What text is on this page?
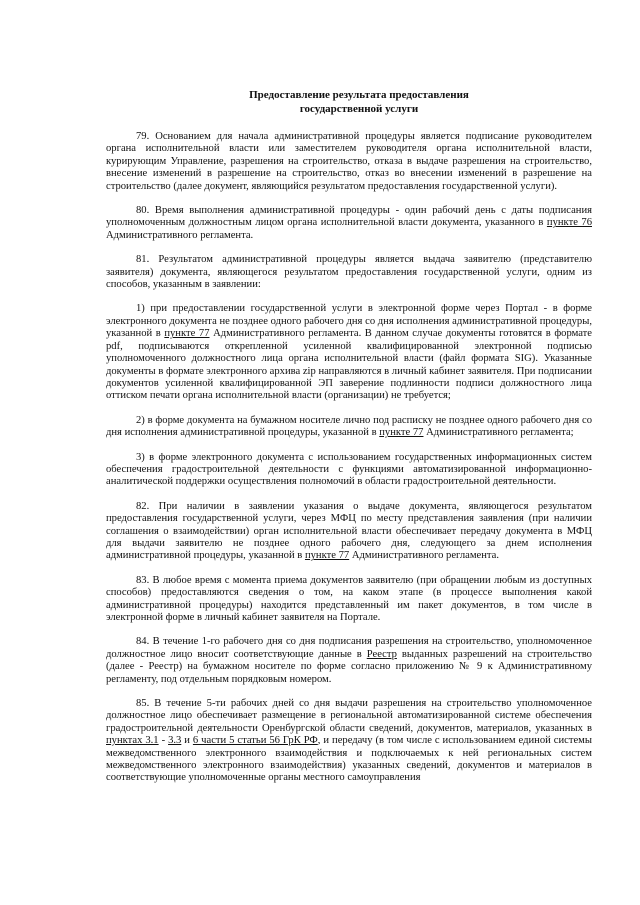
Предоставление результата предоставления
государственной услуги

79. Основанием для начала административной процедуры является подписание руководителем органа исполнительной власти или заместителем руководителя органа исполнительной власти, курирующим Управление, разрешения на строительство, отказа в выдаче разрешения на строительство, внесение изменений в разрешение на строительство, отказ во внесении изменений в разрешение на строительство (далее документ, являющийся результатом предоставления государственной услуги).

80. Время выполнения административной процедуры - один рабочий день с даты подписания уполномоченным должностным лицом органа исполнительной власти документа, указанного в пункте 76 Административного регламента.

81. Результатом административной процедуры является выдача заявителю (представителю заявителя) документа, являющегося результатом предоставления государственной услуги, одним из способов, указанным в заявлении:

1) при предоставлении государственной услуги в электронной форме через Портал - в форме электронного документа не позднее одного рабочего дня со дня исполнения административной процедуры, указанной в пункте 77 Административного регламента. В данном случае документы готовятся в формате pdf, подписываются открепленной усиленной квалифицированной электронной подписью уполномоченного должностного лица органа исполнительной власти (файл формата SIG). Указанные документы в формате электронного архива zip направляются в личный кабинет заявителя. При подписании документов усиленной квалифицированной ЭП заверение подлинности подписи должностного лица оттиском печати органа исполнительной власти (организации) не требуется;

2) в форме документа на бумажном носителе лично под расписку не позднее одного рабочего дня со дня исполнения административной процедуры, указанной в пункте 77 Административного регламента;

3) в форме электронного документа с использованием государственных информационных систем обеспечения градостроительной деятельности с функциями автоматизированной информационно-аналитической поддержки осуществления полномочий в области градостроительной деятельности.

82. При наличии в заявлении указания о выдаче документа, являющегося результатом предоставления государственной услуги, через МФЦ по месту представления заявления (при наличии соглашения о взаимодействии) орган исполнительной власти обеспечивает передачу документа в МФЦ для выдачи заявителю не позднее одного рабочего дня, следующего за днем исполнения административной процедуры, указанной в пункте 77 Административного регламента.

83. В любое время с момента приема документов заявителю (при обращении любым из доступных способов) предоставляются сведения о том, на каком этапе (в процессе выполнения какой административной процедуры) находится представленный им пакет документов, в том числе в электронной форме в личный кабинет заявителя на Портале.

84. В течение 1-го рабочего дня со дня подписания разрешения на строительство, уполномоченное должностное лицо вносит соответствующие данные в Реестр выданных разрешений на строительство (далее - Реестр) на бумажном носителе по форме согласно приложению № 9 к Административному регламенту, под отдельным порядковым номером.

85. В течение 5-ти рабочих дней со дня выдачи разрешения на строительство уполномоченное должностное лицо обеспечивает размещение в региональной автоматизированной системе обеспечения градостроительной деятельности Оренбургской области сведений, документов, материалов, указанных в пунктах 3.1 - 3.3 и 6 части 5 статьи 56 ГрК РФ, и передачу (в том числе с использованием единой системы межведомственного электронного взаимодействия и подключаемых к ней региональных систем межведомственного электронного взаимодействия) указанных сведений, документов и материалов в соответствующие уполномоченные органы местного самоуправления
